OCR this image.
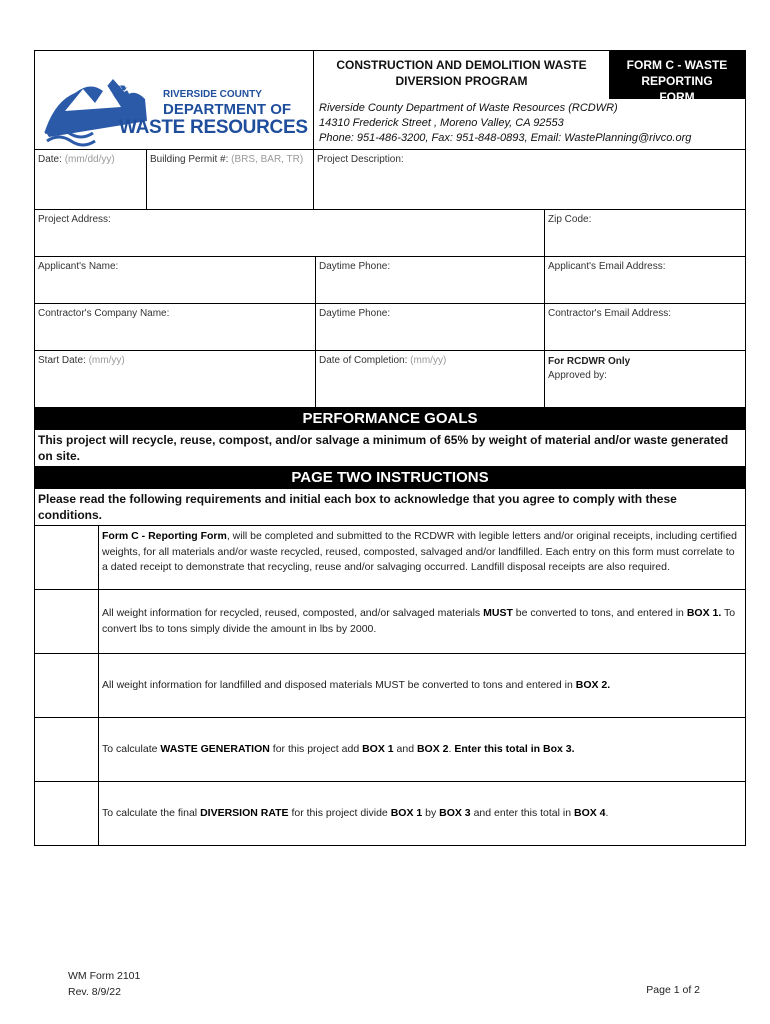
♻	RIVERSIDE COUNTY
DEPARTMENT OF
WASTE RESOURCES
CONSTRUCTION AND DEMOLITION WASTE DIVERSION PROGRAM
FORM C - WASTE REPORTING FORM
Riverside County Department of Waste Resources (RCDWR)
14310 Frederick Street , Moreno Valley, CA 92553
Phone: 951-486-3200, Fax: 951-848-0893, Email: WastePlanning@rivco.org
Date: (mm/dd/yy)	Building Permit #: (BRS, BAR, TR)	Project Description:
Project Address:	Zip Code:
Applicant's Name:	Daytime Phone:	Applicant's Email Address:
Contractor's Company Name:	Daytime Phone:	Contractor's Email Address:
Start Date: (mm/yy)	Date of Completion: (mm/yy)	For RCDWR Only
Approved by:
PERFORMANCE GOALS
This project will recycle, reuse, compost, and/or salvage a minimum of 65% by weight of material and/or waste generated on site.
PAGE TWO INSTRUCTIONS
Please read the following requirements and initial each box to acknowledge that you agree to comply with these conditions.
Form C - Reporting Form, will be completed and submitted to the RCDWR with legible letters and/or original receipts, including certified weights, for all materials and/or waste recycled, reused, composted, salvaged and/or landfilled. Each entry on this form must correlate to a dated receipt to demonstrate that recycling, reuse and/or salvaging occurred. Landfill disposal receipts are also required.
All weight information for recycled, reused, composted, and/or salvaged materials MUST be converted to tons, and entered in BOX 1. To convert lbs to tons simply divide the amount in lbs by 2000.
All weight information for landfilled and disposed materials MUST be converted to tons and entered in BOX 2.
To calculate WASTE GENERATION for this project add BOX 1 and BOX 2. Enter this total in Box 3.
To calculate the final DIVERSION RATE for this project divide BOX 1 by BOX 3 and enter this total in BOX 4.
WM Form 2101
Rev. 8/9/22	Page 1 of 2
